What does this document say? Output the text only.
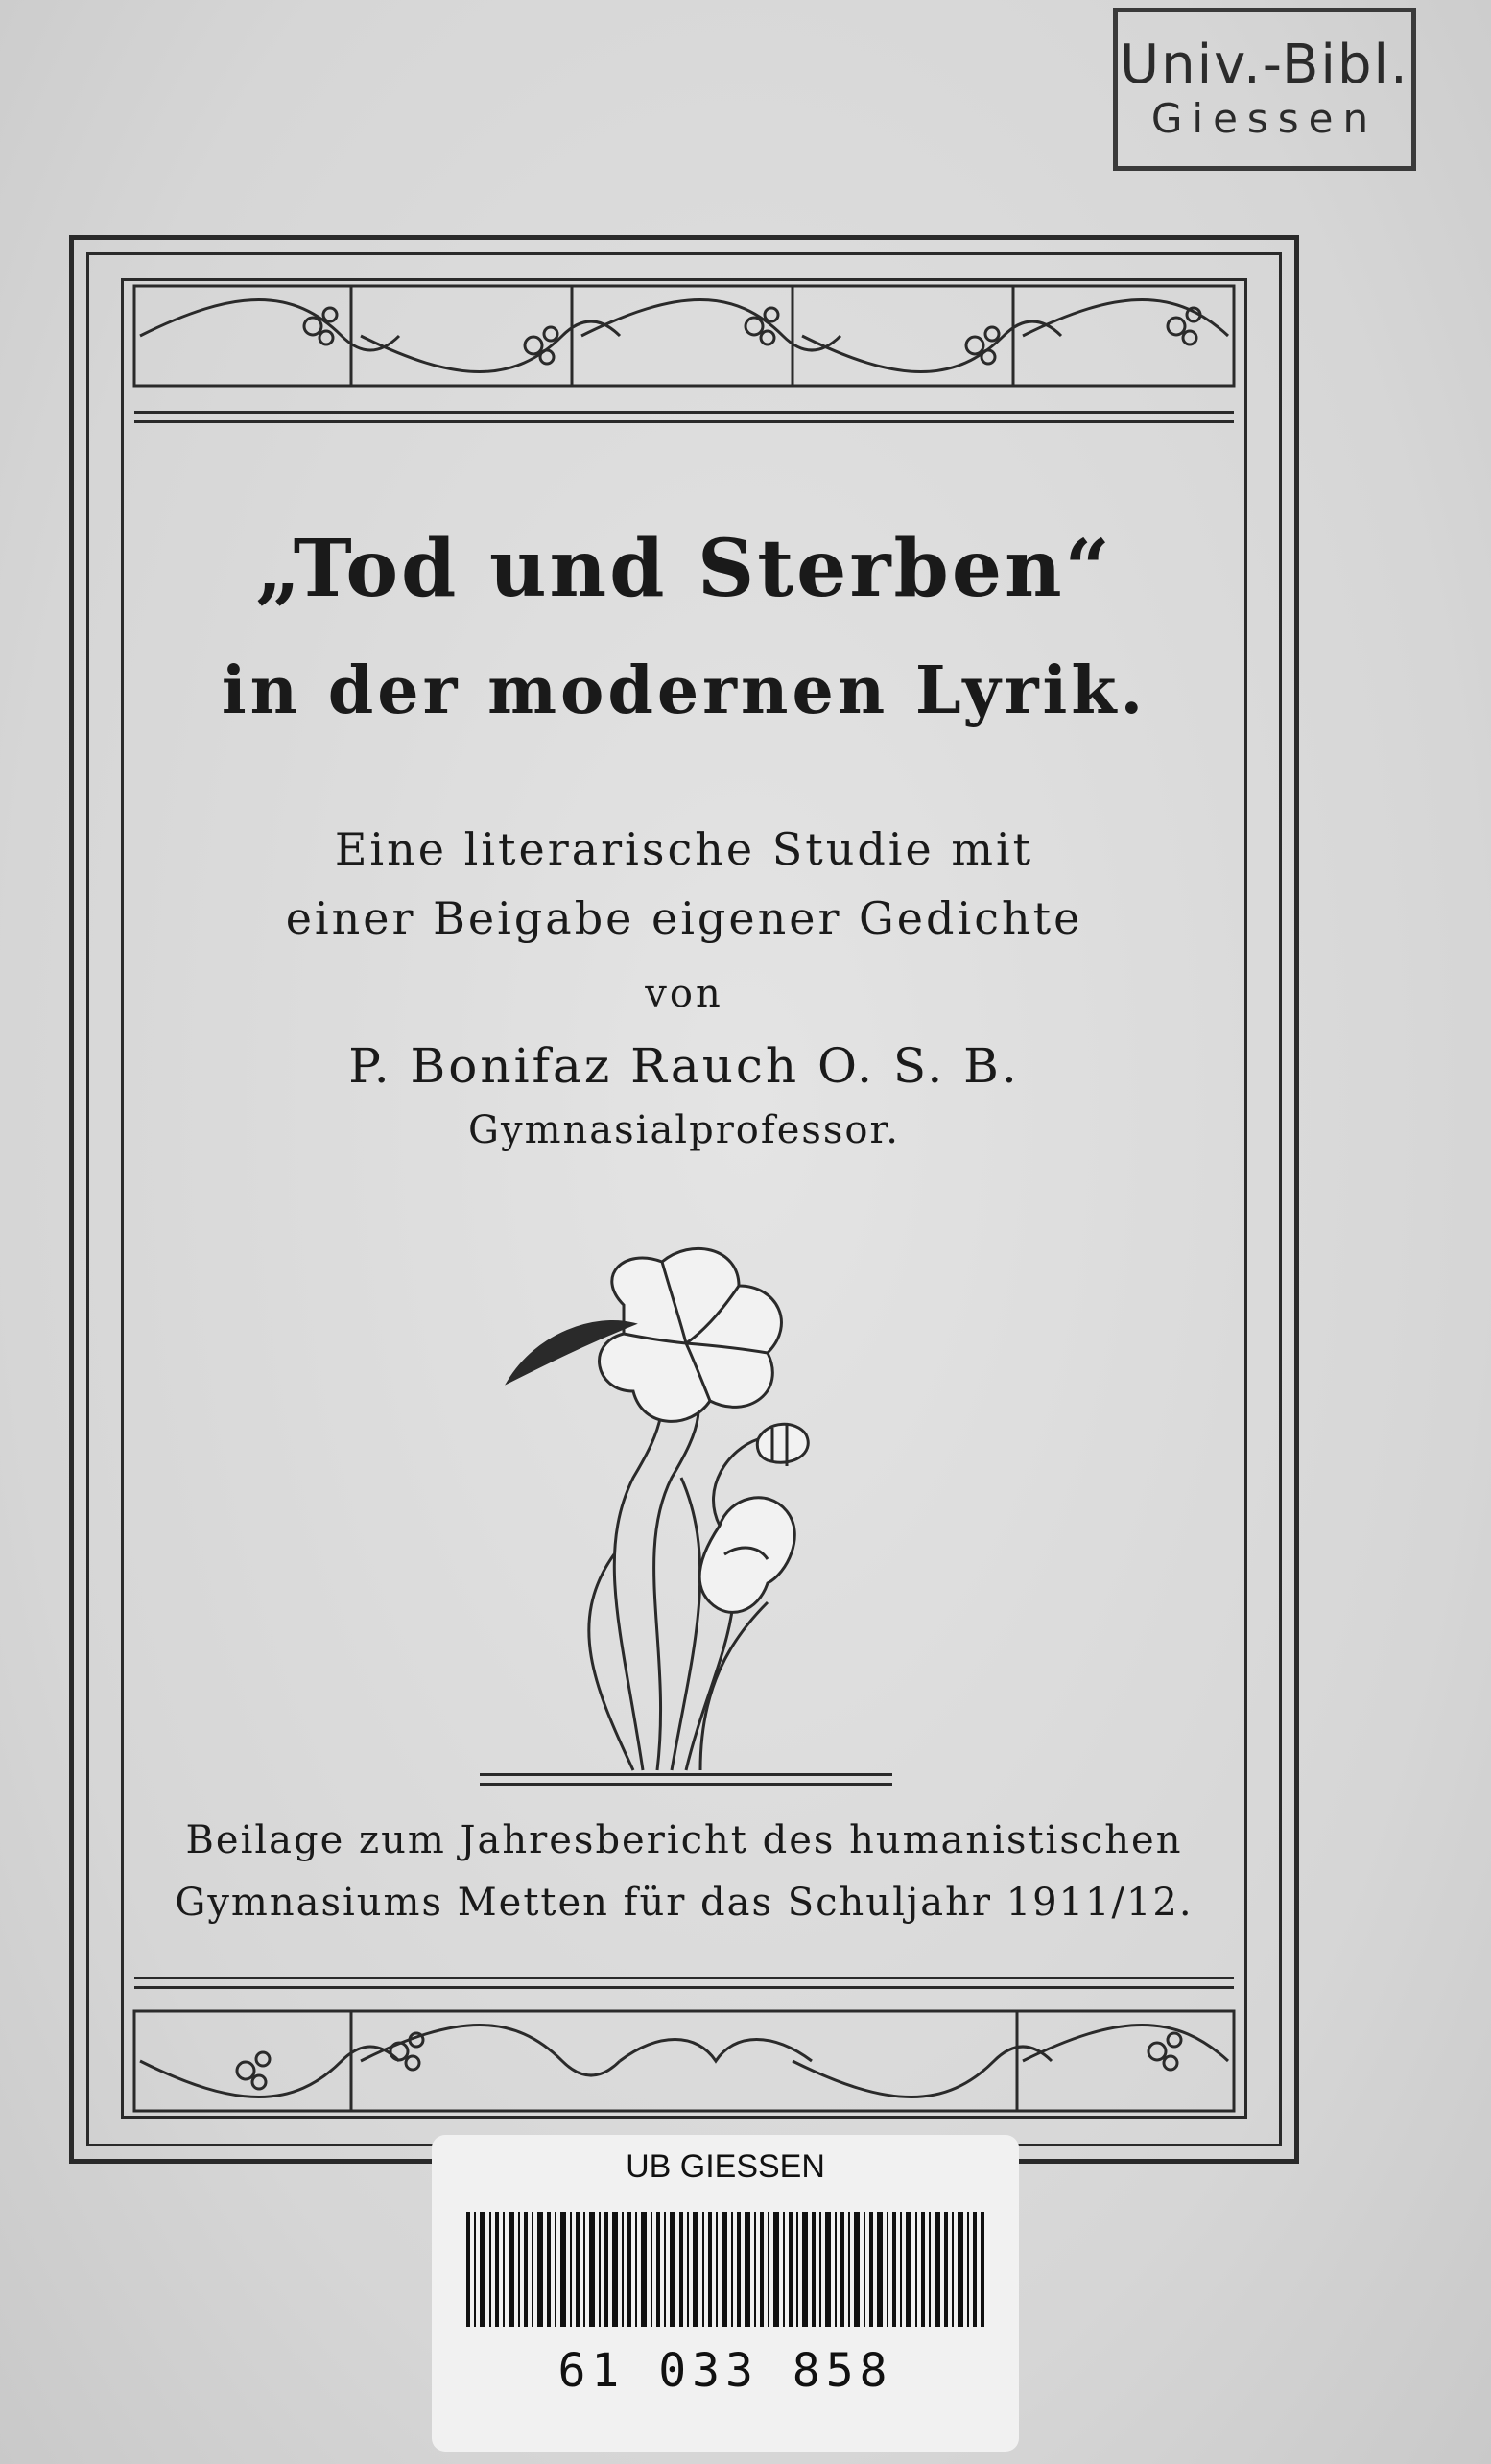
Univ.-Bibl.
Giessen
„Tod und Sterben“
in der modernen Lyrik.
Eine literarische Studie mit
einer Beigabe eigener Gedichte
von
P. Bonifaz Rauch O. S. B.
Gymnasialprofessor.
Beilage zum Jahresbericht des humanistischen
Gymnasiums Metten für das Schuljahr 1911/12.
UB GIESSEN
61 033 858
